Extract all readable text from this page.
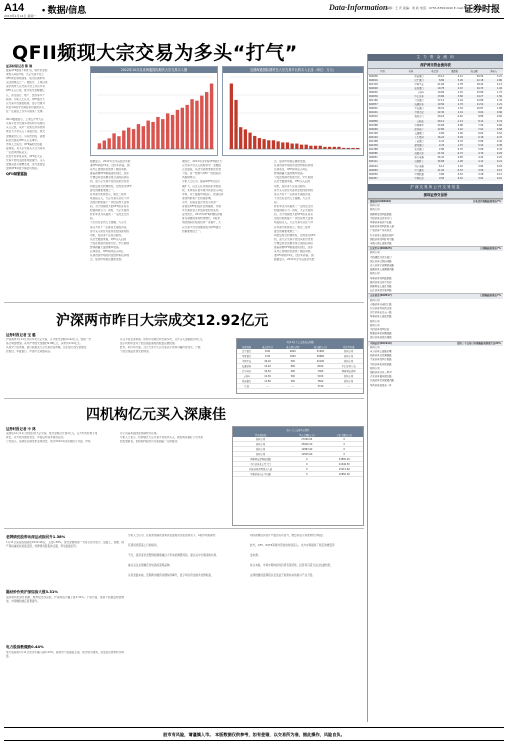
A14 • 数据/信息
2013年1月14日 星期一
Data·Information
编辑：王 宾 美编：刘 政 电话：0755-83501640 E-mail:sjb@zqsb.com
证券时报
QFII频现大宗交易为多头“打气”
证券时报记者 陈 海
随着QFII额度不断扩容，境外资金加
速进入A股市场，大宗交易平台上
QFII席位频频现身，成为近期市场
关注的焦点之一。据统计，上周以来
深沪两市大宗交易平台上共有多笔
QFII买入记录，累计成交金额数亿
元，涉及银行、地产、医药等多个
板块。分析人士认为，QFII通过大
宗交易平台逢低吸筹，显示出境外
资金对A股中长期投资价值的认可，
在一定程度上为多头提供了支撑。
Wind数据显示，上周五沪市大宗
交易平台共出现多笔机构专用席位
买入记录，其中一家知名外资机构
席位大手笔买入了某银行股，成交
金额超过亿元。另有医药股、消费
股也出现在QFII买入名单中。
市场人士指出，QFII偏好低估值
蓝筹股，其大宗交易买入行为具有
一定的风向标意义。
自去年四季度以来，QFII在大宗
交易平台的活跃度明显提升，买入
金额呈逐月递增态势，这与监管层
加快QFII审批节奏密切相关。
QFII频繁露脸
2012年10月以来海通国际期货大宗交易买入额	近期海通国际期货在大宗交易平台的买入记录（单位：万元）
数据显示，2012年全年证监会共批
准QFII资格72家，创历年新高，国
家外汇管理局也加快了额度审批。
随着新增QFII额度陆续到位，这部
分增量资金需要寻找合适的投资标
的，而大宗交易平台因其折价优势
和批量成交的便利性，自然成为QFII
建仓的重要渠道之一。
有券商分析师表示，相比二级市
场直接买入，大宗交易可以在不冲
击股价的前提下一次性获得大量筹
码，对于规模较大的QFII而言具有
较强的吸引力。同时，大宗交易的
折价率也为其提供了一定的安全边
际。
不过也有业内人士提醒，大宗交
易买方并不一定都是长期投资者，
部分买入席位可能存在短线套利的
动机，投资者不宜盲目跟风。
从历史数据来看，QFII买入后的
个股在短期内表现分化，中长期则
整体跑赢大盘的概率较高。
总体而言，QFII持续流入A股，
有望改善市场的资金结构和投资理
念，促进市场稳定健康发展。
据统计，2012年四季度QFII通过大
宗交易平台买入的股票中，金融股
占比最高，其次为消费类和医药类
个股。这一结构与QFII一贯的投资
风格相吻合。
分析人士认为，随着RQFII试点范
围扩大，以及人民币国际化进程加
快，未来将有更多境外资金进入A股
市场，对于提振市场信心、改善投资
者结构都将产生积极影响。
另外，近期证监会也表示将进一
步放宽QFII的投资比例限制，为境
外长期资金入市创造更好的条件。
业内预计，2013年QFII新增投资额
度有望继续保持较快增长，A股市
场的国际化程度将进一步提升，大
宗交易平台也将继续成为QFII建仓
的重要途径之一。
念，促进市场稳定健康发展。
有望改善市场的资金结构和投资理
总体而言，QFII持续流入A股，
整体跑赢大盘的概率较高。
个股在短期内表现分化，中长期则
从历史数据来看，QFII买入后的
动机，投资者不宜盲目跟风。
部分买入席位可能存在短线套利的
易买方并不一定都是长期投资者，
不过也有业内人士提醒，大宗交
际。
折价率也为其提供了一定的安全边
较强的吸引力。同时，大宗交易的
码，对于规模较大的QFII而言具有
击股价的前提下一次性获得大量筹
场直接买入，大宗交易可以在不冲
有券商分析师表示，相比二级市
建仓的重要渠道之一。
和批量成交的便利性，自然成为QFII
的，而大宗交易平台因其折价优势
分增量资金需要寻找合适的投资标
随着新增QFII额度陆续到位，这部
家外汇管理局也加快了额度审批。
准QFII资格72家，创历年新高，国
数据显示，2012年全年证监会共批
沪深两市昨日大宗成交12.92亿元
证券时报记者 宝 璐
沪深两市1月11日共有多笔大宗交易，合计成交金额12.92亿元，较前一交
易日明显增加。其中沪市成交金额约9.98亿元，深市约2.94亿元。
从成交个股来看，银行股最受大宗交易资金青睐，民生银行成交金额位
居首位，华夏银行、中国平安紧随其后。
从买方营业部来看，机构专用席位共出现多次，合计买入金额超过9亿元，
显示机构资金对于低估值蓝筹股的配置意愿较强。
此外，折价率方面，当日大部分大宗交易以平价或小幅折价成交，少数
个股出现溢价成交的情况。
1月11日大宗交易成交明细				
证券简称	成交价(元)	成交量(万股)	成交额(万元)	买方营业部
民生银行	8.60	6000	51600	机构专用
华夏银行	9.56	3000	28680	机构专用
中国平安	40.20	500	20100	机构专用
海通证券	10.20	800	8160	中信证券上海
江中药业	39.50	200	7900	国泰君安深圳
万科A	10.36	500	5180	机构专用
招商银行	12.80	300	3840	机构专用
其他	—	—	3740	—
四机构亿元买入深康佳
证券时报记者 中 鸿
深康佳A1月11日出现四笔大宗交易，成交金额合计逾1亿元，买方均为机构专用
席位，卖方则为国泰君安、中信证券等券商营业部。
公告显示，深康佳近期发布业绩预告，预计2012年度实现扭亏为盈，市场
对公司基本面改善预期较为乐观。
分析人士表示，机构通过大宗交易平台集中买入，或表明其看好公司未来
的发展前景，但短期内股价仍可能面临一定的波动。
第十大宗交易买卖席位		
营业部名称	买入金额(万元)	卖出金额(万元)
机构专用	27000.04	0
机构专用	25640.20	0
机构专用	12863.40	0
机构专用	10525.60	0
国泰君安深圳益田路	0	23800.20
中信证券北京复兴门	0	21640.50
招商证券深圳深南大道	0	15215.84
华泰证券南京中山路	0	10650.30
老牌绩优股带动深证成指回升1.38%
1月11日深证成指收报9132.46点，上涨1.38%，成交金额较前一交易日有所放大。盘面上，金融、地产等权重板块表现活跃，老牌绩优股集体走强，带动指数回升。
题材炒作致沪深综指大涨3.31%
受政策利好消息刺激，题材股全线活跃，沪深综指大幅上涨3.31%。个股方面，涨停个股数量明显增加，市场赚钱效应显著提升。
电力股指数微跌0.44%
电力股板块1月11日逆势小幅下跌0.44%，板块内个股涨跌互现，成交较为清淡，资金流出迹象较为明显。
分析人士认为，在政策预期改善和资金面相对宽松的背景下，A股市场短期内
有望延续震荡上行的格局。
不过，投资者仍需警惕短期涨幅过大带来的调整风险，建议以中长期视角布局，
重点关注业绩确定性较高的蓝筹品种。
从资金面来看，近期两市融资余额持续攀升，显示场内资金做多热情较高，
同时新增投资者开户数也有所回升，增量资金入场迹象较为明显。
此外，QFII、RQFII等境外资金的持续流入，也为市场提供了稳定的增量资
金来源。
综合来看，市场中期向好的趋势有望延续，投资者可适当关注估值较低、
业绩稳健的蓝筹股以及受益于政策扶持的新兴产业个股。
主 力 资 金 流 向
深沪两市资金流向表
代码	名称	收盘价	涨跌幅	成交额	净流入
600036	招商银行	13.12	4.12	26.54	3.21
600016	民生银行	8.86	3.26	22.18	2.86
601318	中国平安	41.66	2.78	18.42	2.13
600000	浦发银行	10.78	2.67	16.33	1.94
000002	万科A	10.66	1.91	15.86	1.72
600030	中信证券	13.86	3.82	14.27	1.56
601166	兴业银行	17.12	1.24	12.86	1.34
600837	海通证券	10.56	2.33	11.52	1.21
000001	平安银行	16.52	1.54	10.87	1.08
601601	中国太保	22.36	2.19	9.64	0.96
600519	贵州茅台	216.8	-0.62	8.86	0.82
000858	五粮液	30.12	-1.13	8.12	0.74
601088	中国神华	24.68	0.86	7.54	0.66
600048	保利地产	12.86	1.42	7.02	0.58
601328	交通银行	4.86	1.46	6.64	0.52
600104	上汽集团	16.24	0.94	6.18	0.47
601398	工商银行	4.32	0.70	5.86	0.42
601939	建设银行	4.76	1.07	5.42	0.38
601288	农业银行	2.86	0.70	5.08	0.33
600585	海螺水泥	21.56	-0.74	4.76	0.29
000651	格力电器	26.42	0.65	4.42	0.25
600111	包钢稀土	34.68	-1.26	4.12	0.21
002024	苏宁电器	6.12	1.16	3.84	0.18
000063	中兴通讯	11.26	-0.53	3.56	0.15
600050	中国联通	3.86	0.52	3.28	0.12
601857	中国石油	9.56	0.42	3.02	0.10
沪深交易所公开交易信息
深圳证券交易所
深康佳A(000016)	日收盘价涨幅偏离值达7%
机构专用
机构专用
国泰君安深圳益田路
中信证券北京复兴门
华泰证券南京中山路
招商证券深圳深南大道
广发证券广州天河北
东方证券上海浦东新区
国信证券深圳红岭中路
申银万国上海新昌路
长安汽车(000625)	日涨幅偏离值达7%
机构专用
中信建投北京东直门
国元证券合肥宿州路
光大证券宁波解放南路
海通证券上海建国西路
机构专用
华泰证券深圳益田路
银河证券北京中关村
国泰君安上海江苏路
长江证券武汉新华路
山东黄金(600547)	日跌幅偏离值达7%
机构专用
齐鲁证券济南经七路
东吴证券苏州西北街
方正证券长沙五一路
华泰证券上海武定路
机构专用
机构专用
中投证券深圳宝安
财通证券杭州解放路
国金证券成都东城根
中国远洋(601919)	连续三个交易日内涨幅偏离值累计达20%
机构专用
申万证券上海陆家嘴
招商证券北京建国路
平安证券深圳金田路
中信证券杭州凤起路
机构专用
国信证券北京三里河
兴业证券福州湖东路
东海证券常州延陵西路
华西证券成都北一环
股市有风险，请谨慎入市。 本版数据仅供参考，如有差错，以交易所为准，据此操作，风险自负。
